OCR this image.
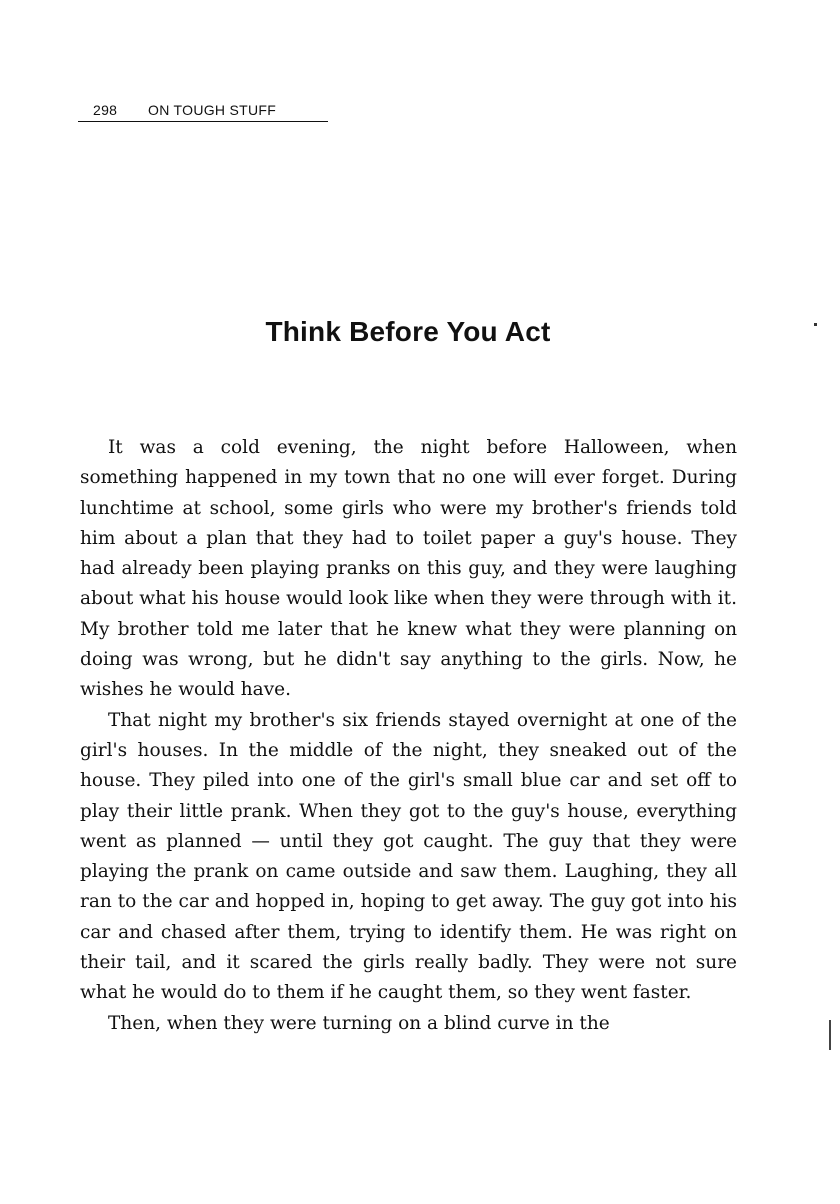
298 ON TOUGH STUFF
Think Before You Act

It was a cold evening, the night before Halloween, when something happened in my town that no one will ever forget. During lunchtime at school, some girls who were my brother's friends told him about a plan that they had to toilet paper a guy's house. They had already been playing pranks on this guy, and they were laughing about what his house would look like when they were through with it. My brother told me later that he knew what they were planning on doing was wrong, but he didn't say anything to the girls. Now, he wishes he would have.

That night my brother's six friends stayed overnight at one of the girl's houses. In the middle of the night, they sneaked out of the house. They piled into one of the girl's small blue car and set off to play their little prank. When they got to the guy's house, everything went as planned — until they got caught. The guy that they were playing the prank on came outside and saw them. Laughing, they all ran to the car and hopped in, hoping to get away. The guy got into his car and chased after them, trying to identify them. He was right on their tail, and it scared the girls really badly. They were not sure what he would do to them if he caught them, so they went faster.

Then, when they were turning on a blind curve in the
